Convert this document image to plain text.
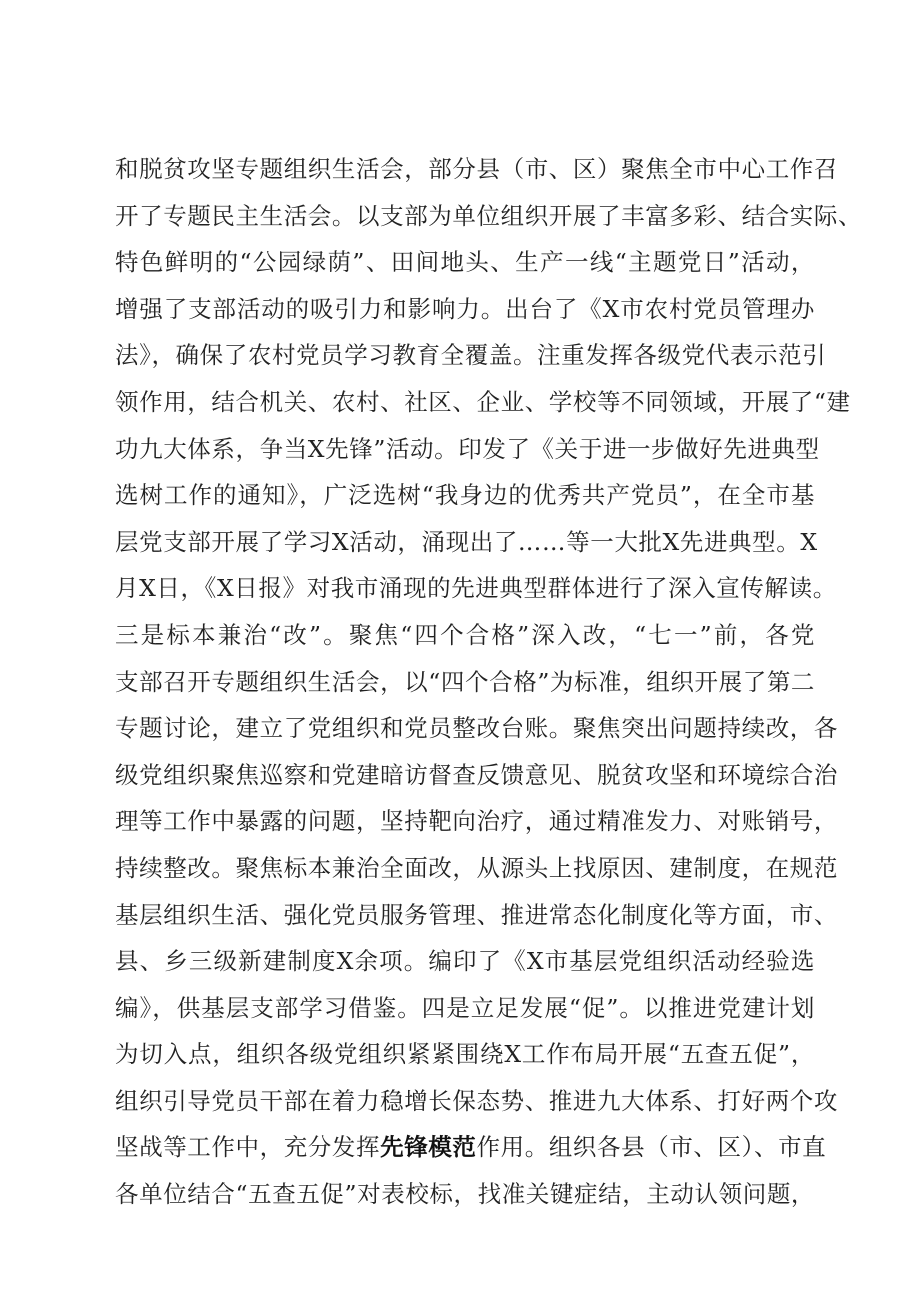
和脱贫攻坚专题组织生活会，部分县（市、区）聚焦全市中心工作召
开了专题民主生活会。以支部为单位组织开展了丰富多彩、结合实际、
特色鲜明的“公园绿荫”、田间地头、生产一线“主题党日”活动，
增强了支部活动的吸引力和影响力。出台了《X市农村党员管理办
法》，确保了农村党员学习教育全覆盖。注重发挥各级党代表示范引
领作用，结合机关、农村、社区、企业、学校等不同领域，开展了“建
功九大体系，争当X先锋”活动。印发了《关于进一步做好先进典型
选树工作的通知》，广泛选树“我身边的优秀共产党员”，在全市基
层党支部开展了学习X活动，涌现出了……等一大批X先进典型。X
月X日，《X日报》对我市涌现的先进典型群体进行了深入宣传解读。
三是标本兼治“改”。聚焦“四个合格”深入改，“七一”前，各党
支部召开专题组织生活会，以“四个合格”为标准，组织开展了第二
专题讨论，建立了党组织和党员整改台账。聚焦突出问题持续改，各
级党组织聚焦巡察和党建暗访督查反馈意见、脱贫攻坚和环境综合治
理等工作中暴露的问题，坚持靶向治疗，通过精准发力、对账销号，
持续整改。聚焦标本兼治全面改，从源头上找原因、建制度，在规范
基层组织生活、强化党员服务管理、推进常态化制度化等方面，市、
县、乡三级新建制度X余项。编印了《X市基层党组织活动经验选
编》，供基层支部学习借鉴。四是立足发展“促”。以推进党建计划
为切入点，组织各级党组织紧紧围绕X工作布局开展“五查五促”，
组织引导党员干部在着力稳增长保态势、推进九大体系、打好两个攻
坚战等工作中，充分发挥先锋模范作用。组织各县（市、区）、市直
各单位结合“五查五促”对表校标，找准关键症结，主动认领问题，
